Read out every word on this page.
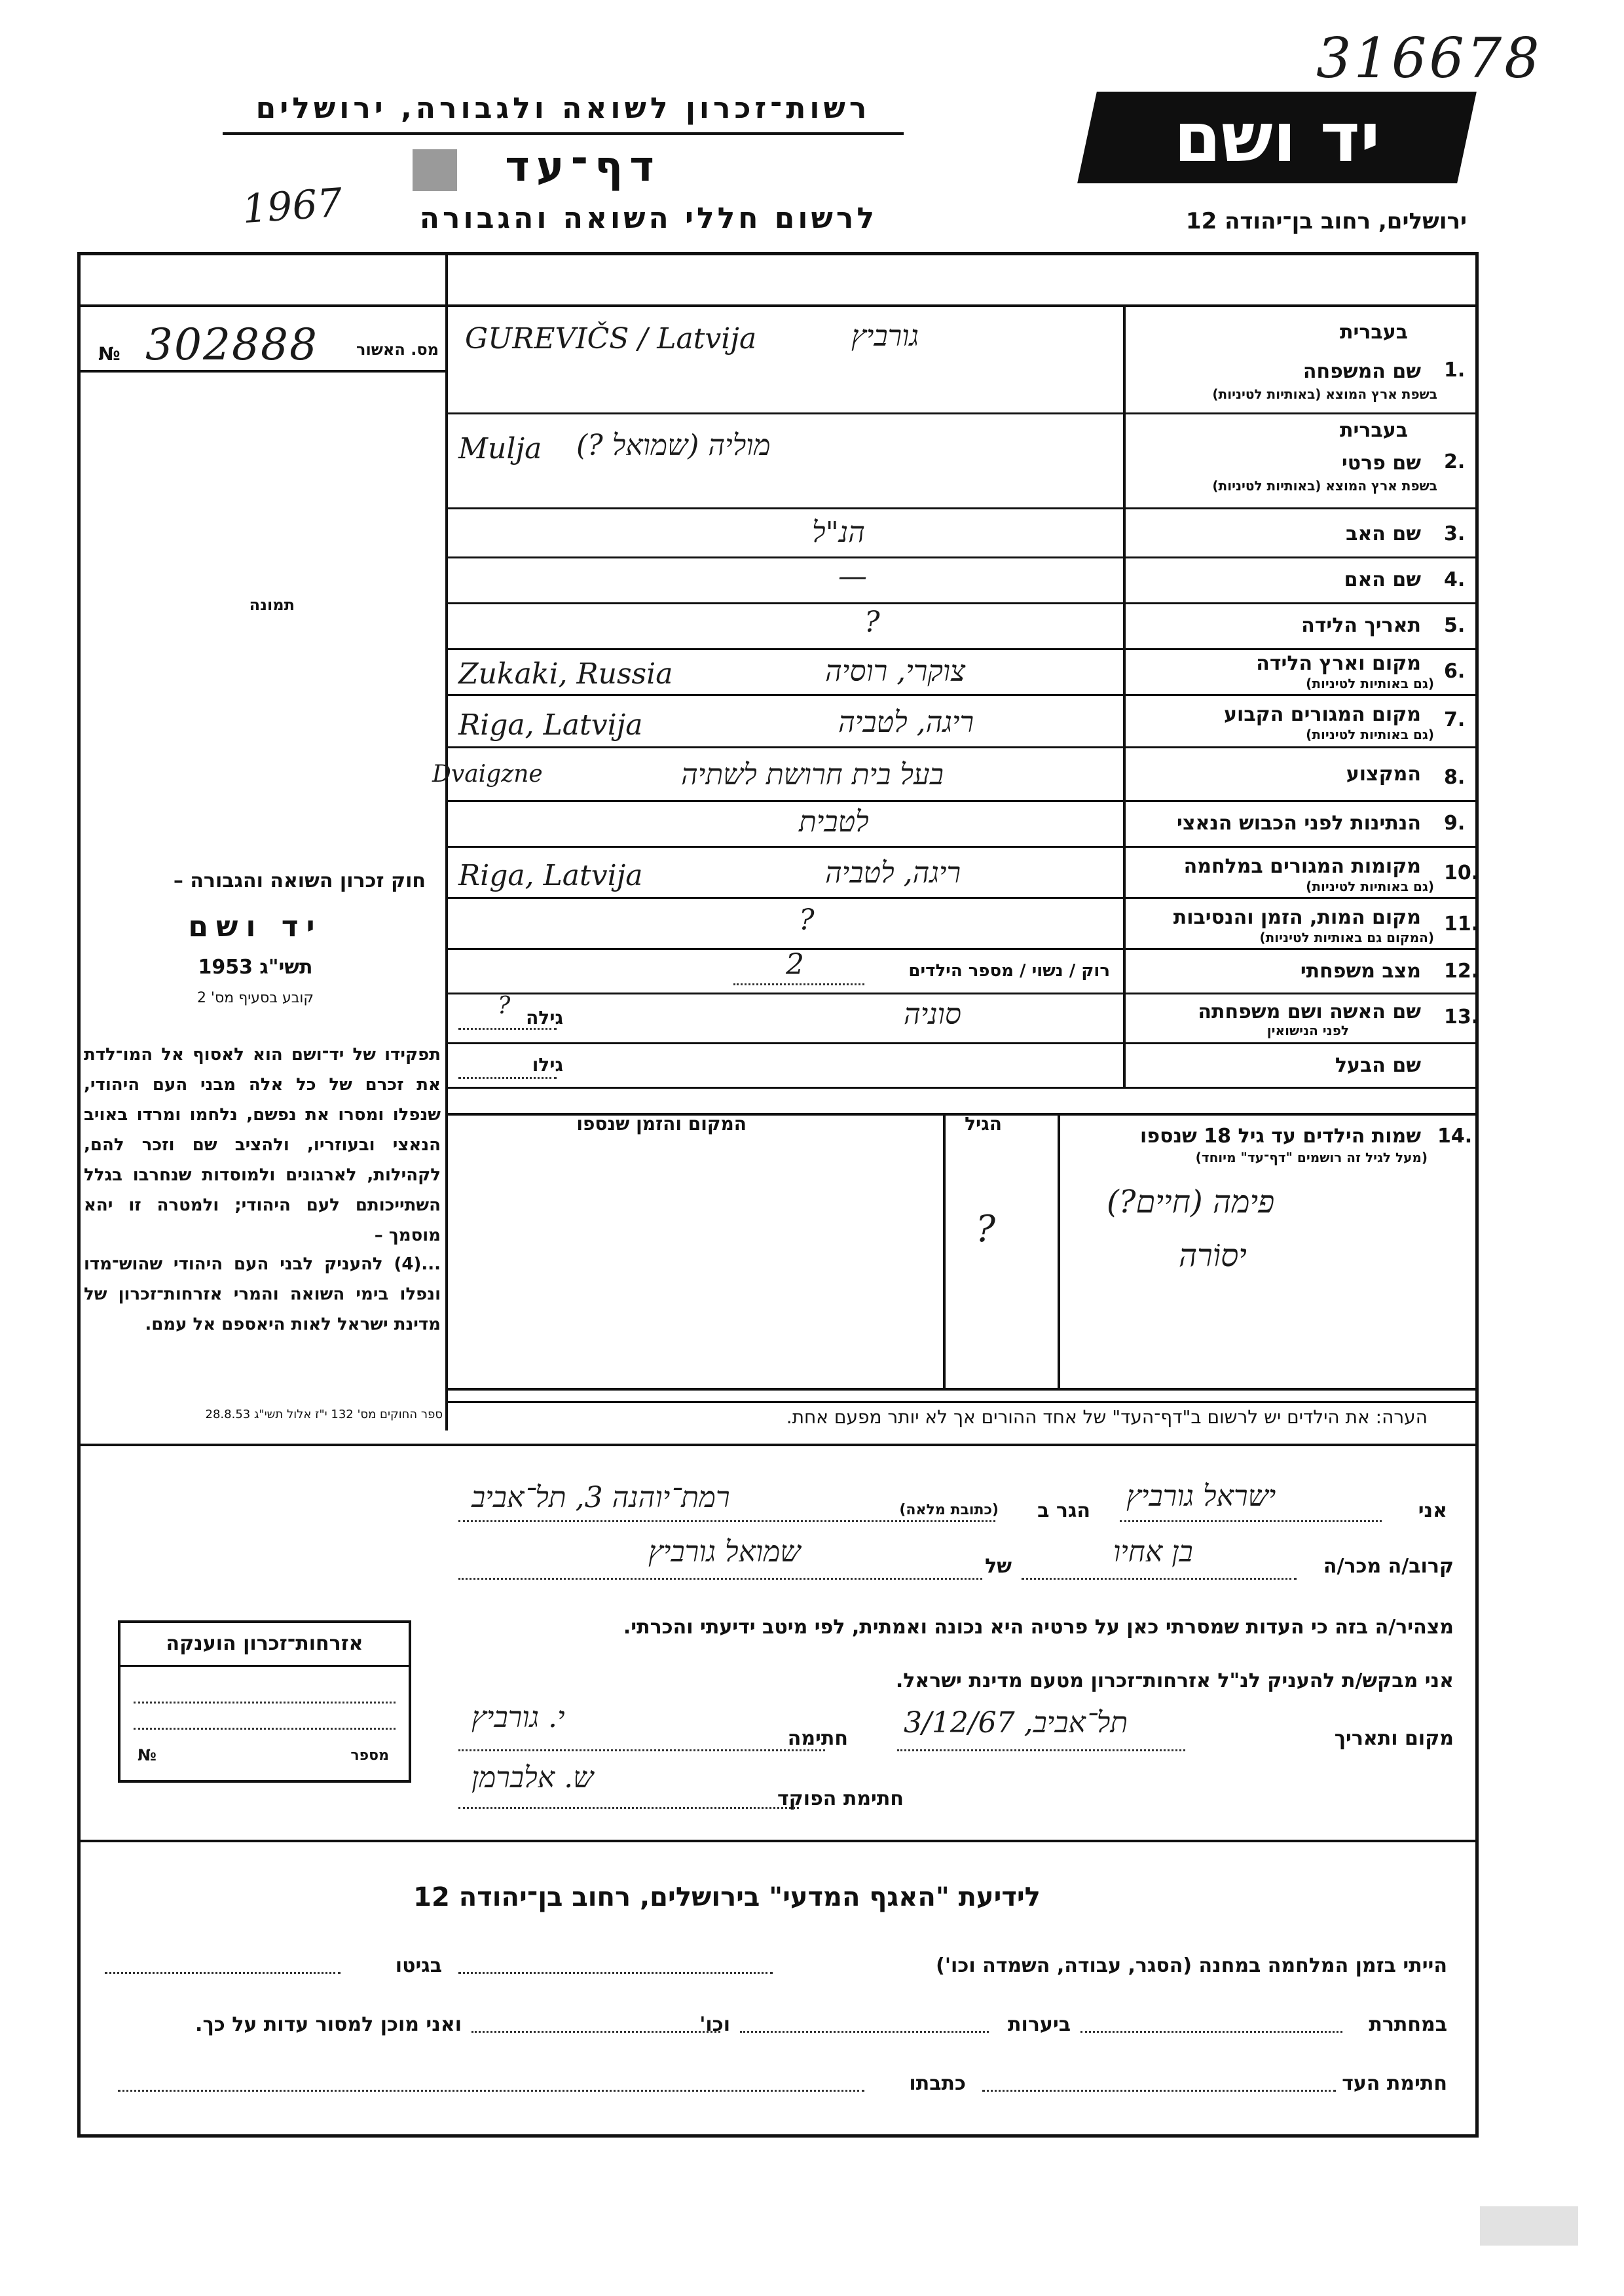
316678
יד ושם
רשות־זכרון לשואה ולגבורה, ירושלים
דף־עד
1967	לרשום חללי השואה והגבורה	ירושלים, רחוב בן־יהודה 12
מס. האשור
302888
№
תמונה
1.
בעברית
שם המשפחה
בשפת ארץ המוצא (באותיות לטיניות)
גורביץ
GUREVIČS / Latvija
2.
בעברית
שם פרטי
בשפת ארץ המוצא (באותיות לטיניות)
מוליה (שמואל ?)
Mulja
3.
שם האב
הנ"ל
4.
שם האם
—
5.
תאריך הלידה
?
6.
מקום וארץ הלידה
(גם באותיות לטיניות)
צוקרי, רוסיה
Zukaki, Russia
7.
מקום המגורים הקבוע
(גם באותיות לטיניות)
ריגה, לטביה
Riga, Latvija
8.
המקצוע
בעל בית חרושת לשתיה
Dvaigzne
9.
הנתינות לפני הכבוש הנאצי
לטבית
10.
מקומות המגורים במלחמה
(גם באותיות לטיניות)
ריגה, לטביה
Riga, Latvija
11.
מקום המות, הזמן והנסיבות
(המקום גם באותיות לטיניות)
?
12.
מצב משפחתי
רוק / נשוי / מספר הילדים
2
13.
שם האשה ושם משפחתה
לפני הנישואין
סוניה
גילה
?
שם הבעל
גילו
14.
שמות הילדים עד גיל 18 שנספו
(מעל לגיל זה רושמים "דף־עד" מיוחד)
הגיל
המקום והזמן שנספו
פימה (חיים?)
?
יסוֹרה
הערה: את הילדים יש לרשום ב"דף־העד" של אחד ההורים אך לא יותר מפעם אחת.
חוק זכרון השואה והגבורה –
יד ושם
תשי"ג 1953
קובע בסעיף מס' 2
תפקידו של יד־ושם הוא לאסוף אל המו־לדת את זכרם של כל אלה מבני העם היהודי, שנפלו ומסרו את נפשם, נלחמו ומרדו באויב הנאצי ובעוזריו, ולהציב שם וזכר להם, לקהילות, לארגונים ולמוסדות שנחרבו בגלל השתייכותם לעם היהודי; ולמטרה זו יהא מוסמך –
...(4) להעניק לבני העם היהודי שהוש־מדו ונפלו בימי השואה והמרי אזרחות־זכרון של מדינת ישראל לאות היאספם אל עמם.
ספר החוקים מס' 132 י"ז אלול תשי"ג 28.8.53
אני
ישראל גורביץ
הגר ב
(כתובת מלאה)
רמת־יוהנה 3, תל־אביב
קרוב/ה מכר/ה
בן אחיו
של
שמואל גורביץ
מצהיר/ה בזה כי העדות שמסרתי כאן על פרטיה היא נכונה ואמתית, לפי מיטב ידיעתי והכרתי.
אני מבקש/ת להעניק לנ"ל אזרחות־זכרון מטעם מדינת ישראל.
מקום ותאריך
תל־אביב, 3/12/67
חתימה
י. גורביץ
חתימת הפוקד
ש. אלברמן
אזרחות־זכרון הוענקה
מספר
№
לידיעת "האגף המדעי" בירושלים, רחוב בן־יהודה 12
הייתי בזמן המלחמה במחנה (הסגר, עבודה, השמדה וכו')
בגיטו
במחתרת
ביערות
וכו'
ואני מוכן למסור עדות על כך.
חתימת העד
כתבתו
